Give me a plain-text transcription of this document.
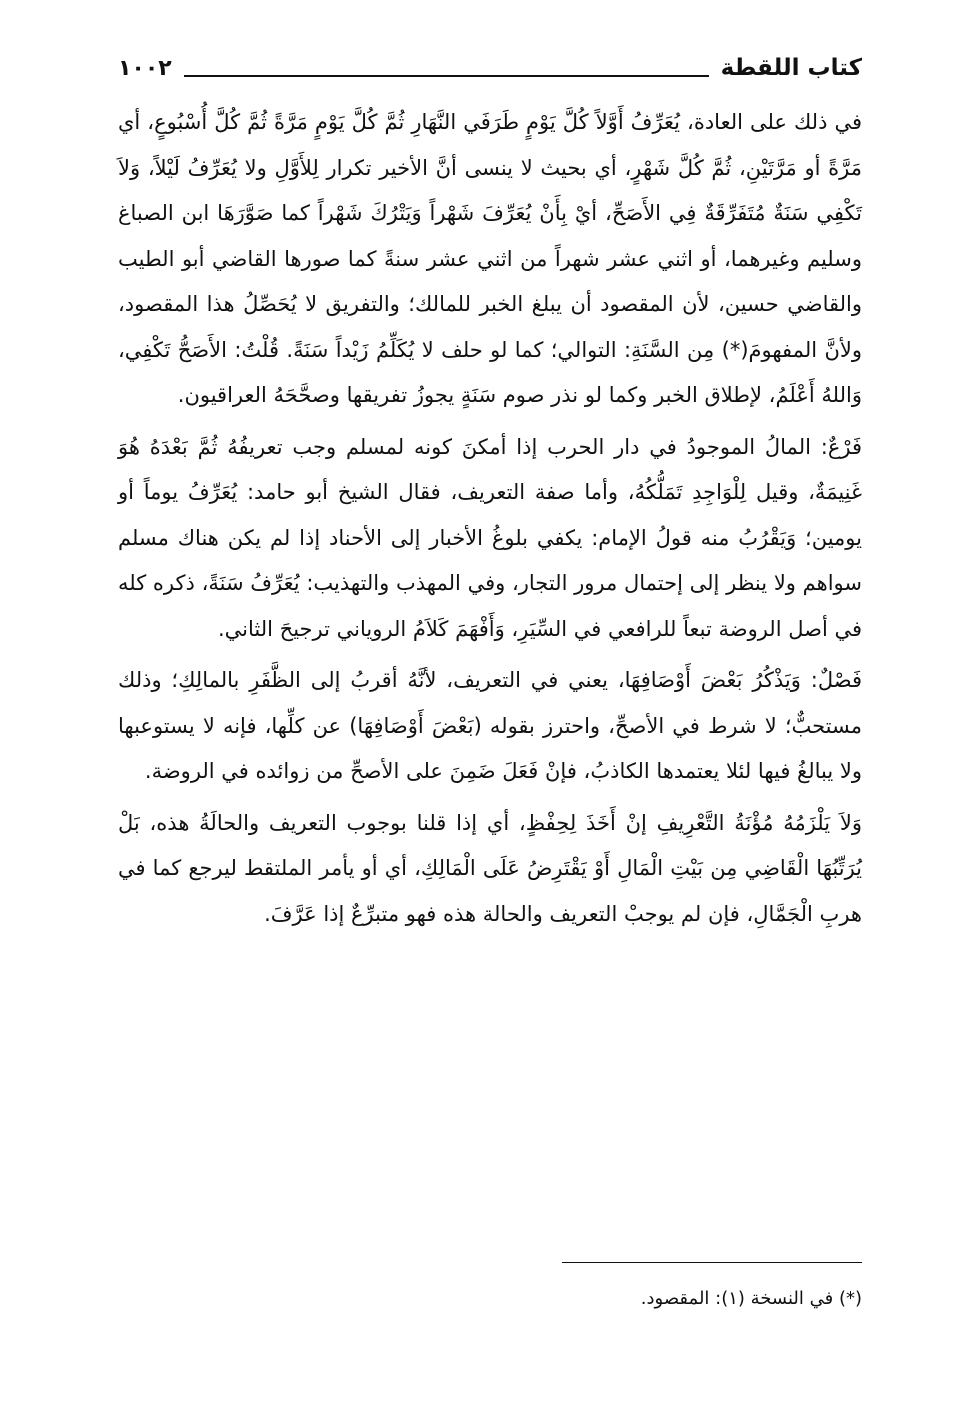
كتاب اللقطة
١٠٠٢

في ذلك على العادة، يُعَرِّفُ أَوَّلاً كُلَّ يَوْمٍ طَرَفَي النَّهَارِ ثُمَّ كُلَّ يَوْمٍ مَرَّةً ثُمَّ كُلَّ أُسْبُوعٍ، أي مَرَّةً أو مَرَّتَيْنِ، ثُمَّ كُلَّ شَهْرٍ، أي بحيث لا ينسى أنَّ الأخير تكرار لِلأَوَّلِ ولا يُعَرِّفُ لَيْلاً، وَلاَ تَكْفِي سَنَةٌ مُتَفَرِّقَةٌ فِي الأَصَحِّ، أيْ بِأَنْ يُعَرِّفَ شَهْراً وَيَتْرُكَ شَهْراً كما صَوَّرَهَا ابن الصباغ وسليم وغيرهما، أو اثني عشر شهراً من اثني عشر سنةً كما صورها القاضي أبو الطيب والقاضي حسين، لأن المقصود أن يبلغ الخبر للمالك؛ والتفريق لا يُحَصِّلُ هذا المقصود، ولأنَّ المفهومَ(*) مِن السَّنَةِ: التوالي؛ كما لو حلف لا يُكَلِّمُ زَيْداً سَنَةً. قُلْتُ: الأَصَحُّ تَكْفِي، وَاللهُ أَعْلَمُ، لإطلاق الخبر وكما لو نذر صوم سَنَةٍ يجوزُ تفريقها وصحَّحَهُ العراقيون.

فَرْعٌ: المالُ الموجودُ في دار الحرب إذا أمكنَ كونه لمسلم وجب تعريفُهُ ثُمَّ بَعْدَهُ هُوَ غَنِيمَةٌ، وقيل لِلْوَاجِدِ تَمَلُّكُهُ، وأما صفة التعريف، فقال الشيخ أبو حامد: يُعَرِّفُ يوماً أو يومين؛ وَيَقْرُبُ منه قولُ الإمام: يكفي بلوغُ الأخبار إلى الأحناد إذا لم يكن هناك مسلم سواهم ولا ينظر إلى إحتمال مرور التجار، وفي المهذب والتهذيب: يُعَرِّفُ سَنَةً، ذكره كله في أصل الروضة تبعاً للرافعي في السِّيَرِ، وَأَفْهَمَ كَلاَمُ الروياني ترجيحَ الثاني.

فَصْلٌ: وَيَذْكُرُ بَعْضَ أَوْصَافِهَا، يعني في التعريف، لأنَّهُ أقربُ إلى الظَّفَرِ بالمالِكِ؛ وذلك مستحبٌّ؛ لا شرط في الأصحِّ، واحترز بقوله (بَعْضَ أَوْصَافِهَا) عن كلِّها، فإنه لا يستوعبها ولا يبالغُ فيها لئلا يعتمدها الكاذبُ، فإنْ فَعَلَ ضَمِنَ على الأصحِّ من زوائده في الروضة.

وَلاَ يَلْزَمُهُ مُؤْنَةُ التَّعْرِيفِ إنْ أَخَذَ لِحِفْظٍ، أي إذا قلنا بوجوب التعريف والحالَةُ هذه، بَلْ يُرَتِّبُهَا الْقَاضِي مِن بَيْتِ الْمَالِ أَوْ يَقْتَرِضُ عَلَى الْمَالِكِ، أي أو يأمر الملتقط ليرجع كما في هربِ الْجَمَّالِ، فإن لم يوجبْ التعريف والحالة هذه فهو متبرِّعٌ إذا عَرَّفَ.

(*) في النسخة (١): المقصود.
